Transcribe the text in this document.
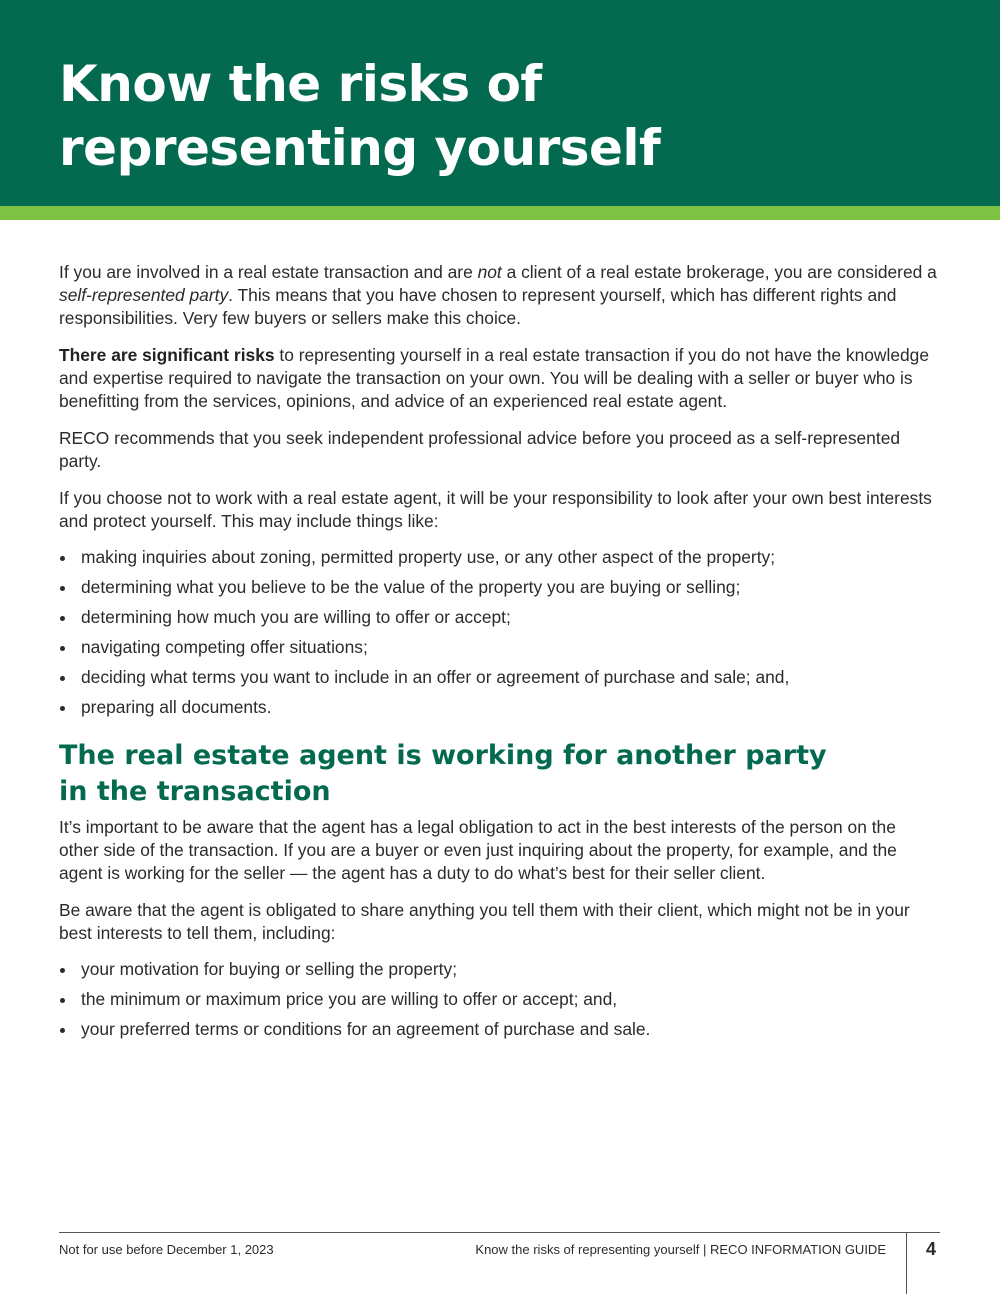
Know the risks of
representing yourself

If you are involved in a real estate transaction and are not a client of a real estate brokerage, you are considered a self-represented party. This means that you have chosen to represent yourself, which has different rights and responsibilities. Very few buyers or sellers make this choice.

There are significant risks to representing yourself in a real estate transaction if you do not have the knowledge and expertise required to navigate the transaction on your own. You will be dealing with a seller or buyer who is benefitting from the services, opinions, and advice of an experienced real estate agent.

RECO recommends that you seek independent professional advice before you proceed as a self-represented party.

If you choose not to work with a real estate agent, it will be your responsibility to look after your own best interests and protect yourself. This may include things like:

making inquiries about zoning, permitted property use, or any other aspect of the property;
determining what you believe to be the value of the property you are buying or selling;
determining how much you are willing to offer or accept;
navigating competing offer situations;
deciding what terms you want to include in an offer or agreement of purchase and sale; and,
preparing all documents.
The real estate agent is working for another party
in the transaction

It’s important to be aware that the agent has a legal obligation to act in the best interests of the person on the other side of the transaction. If you are a buyer or even just inquiring about the property, for example, and the agent is working for the seller — the agent has a duty to do what’s best for their seller client.

Be aware that the agent is obligated to share anything you tell them with their client, which might not be in your best interests to tell them, including:

your motivation for buying or selling the property;
the minimum or maximum price you are willing to offer or accept; and,
your preferred terms or conditions for an agreement of purchase and sale.
Not for use before December 1, 2023	Know the risks of representing yourself | RECO INFORMATION GUIDE 4
